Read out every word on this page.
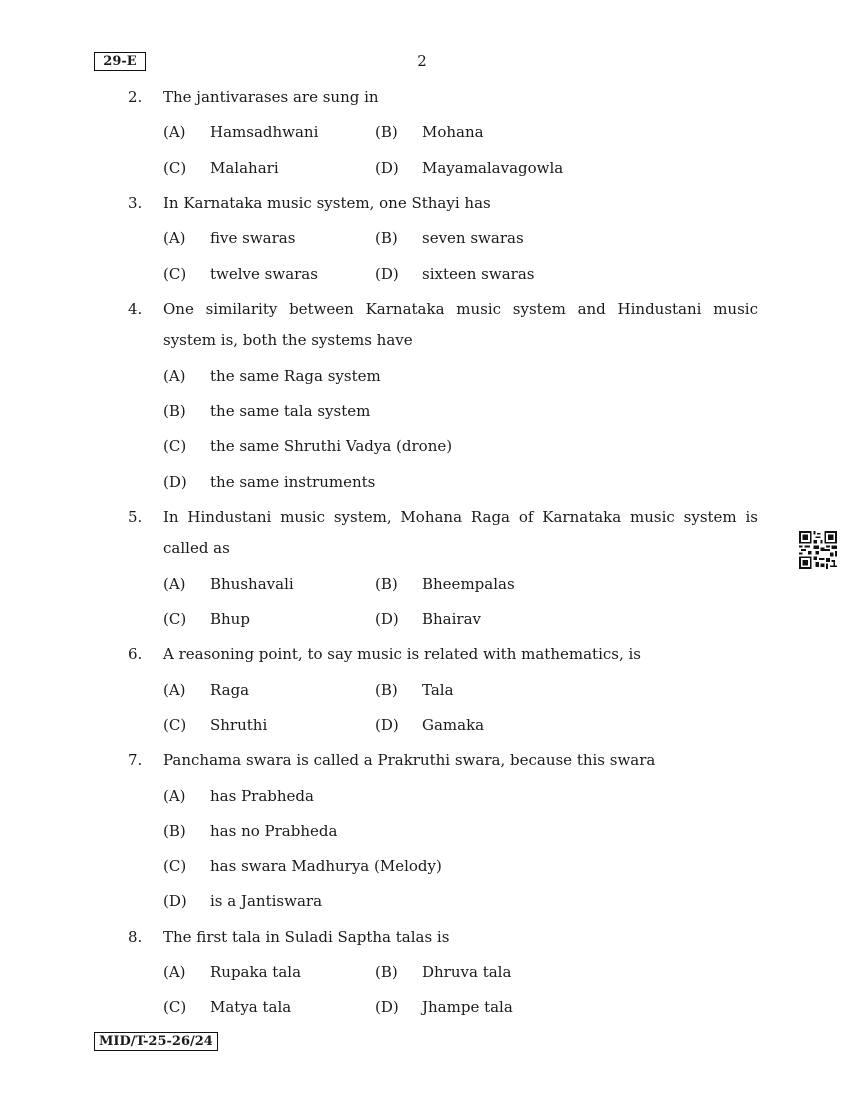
29-E	2
2. The jantivarases are sung in
(A) Hamsadhwani	(B) Mohana
(C) Malahari	(D) Mayamalavagowla
3. In Karnataka music system, one Sthayi has
(A) five swaras	(B) seven swaras
(C) twelve swaras	(D) sixteen swaras
4. One similarity between Karnataka music system and Hindustani music
system is, both the systems have
(A) the same Raga system
(B) the same tala system
(C) the same Shruthi Vadya (drone)
(D) the same instruments
5. In Hindustani music system, Mohana Raga of Karnataka music system is
called as
(A) Bhushavali	(B) Bheempalas
(C) Bhup	(D) Bhairav
6. A reasoning point, to say music is related with mathematics, is
(A) Raga	(B) Tala
(C) Shruthi	(D) Gamaka
7. Panchama swara is called a Prakruthi swara, because this swara
(A) has Prabheda
(B) has no Prabheda
(C) has swara Madhurya (Melody)
(D) is a Jantiswara
8. The first tala in Suladi Saptha talas is
(A) Rupaka tala	(B) Dhruva tala
(C) Matya tala	(D) Jhampe tala
MID/T-25-26/24
